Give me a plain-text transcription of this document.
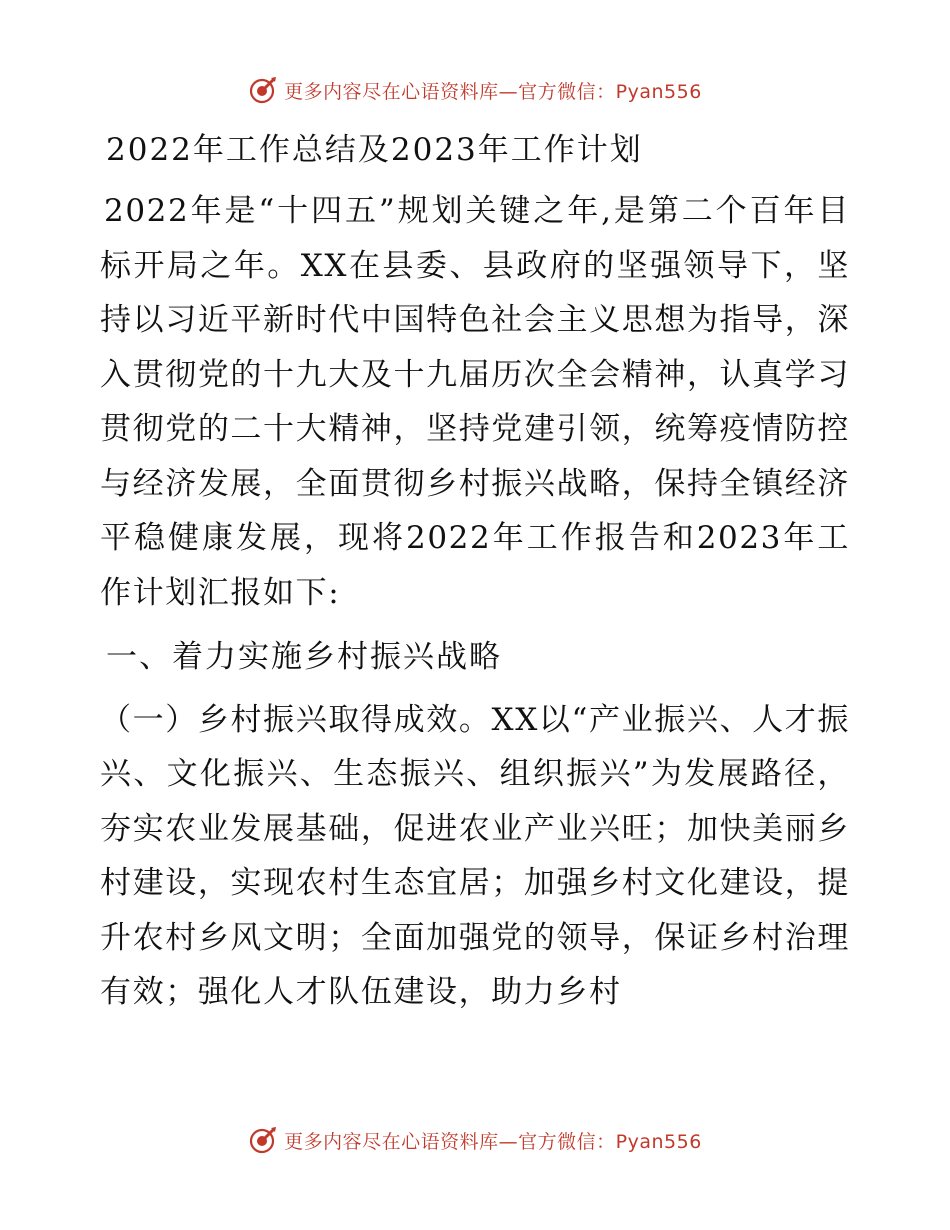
更多内容尽在心语资料库—官方微信：Pyan556
2022年工作总结及2023年工作计划

2022年是“十四五”规划关键之年,是第二个百年目标开局之年。XX在县委、县政府的坚强领导下，坚持以习近平新时代中国特色社会主义思想为指导，深入贯彻党的十九大及十九届历次全会精神，认真学习贯彻党的二十大精神，坚持党建引领，统筹疫情防控与经济发展，全面贯彻乡村振兴战略，保持全镇经济平稳健康发展，现将2022年工作报告和2023年工作计划汇报如下:

一、着力实施乡村振兴战略

（一）乡村振兴取得成效。XX以“产业振兴、人才振兴、文化振兴、生态振兴、组织振兴”为发展路径，夯实农业发展基础，促进农业产业兴旺；加快美丽乡村建设，实现农村生态宜居；加强乡村文化建设，提升农村乡风文明；全面加强党的领导，保证乡村治理有效；强化人才队伍建设，助力乡村

更多内容尽在心语资料库—官方微信：Pyan556
